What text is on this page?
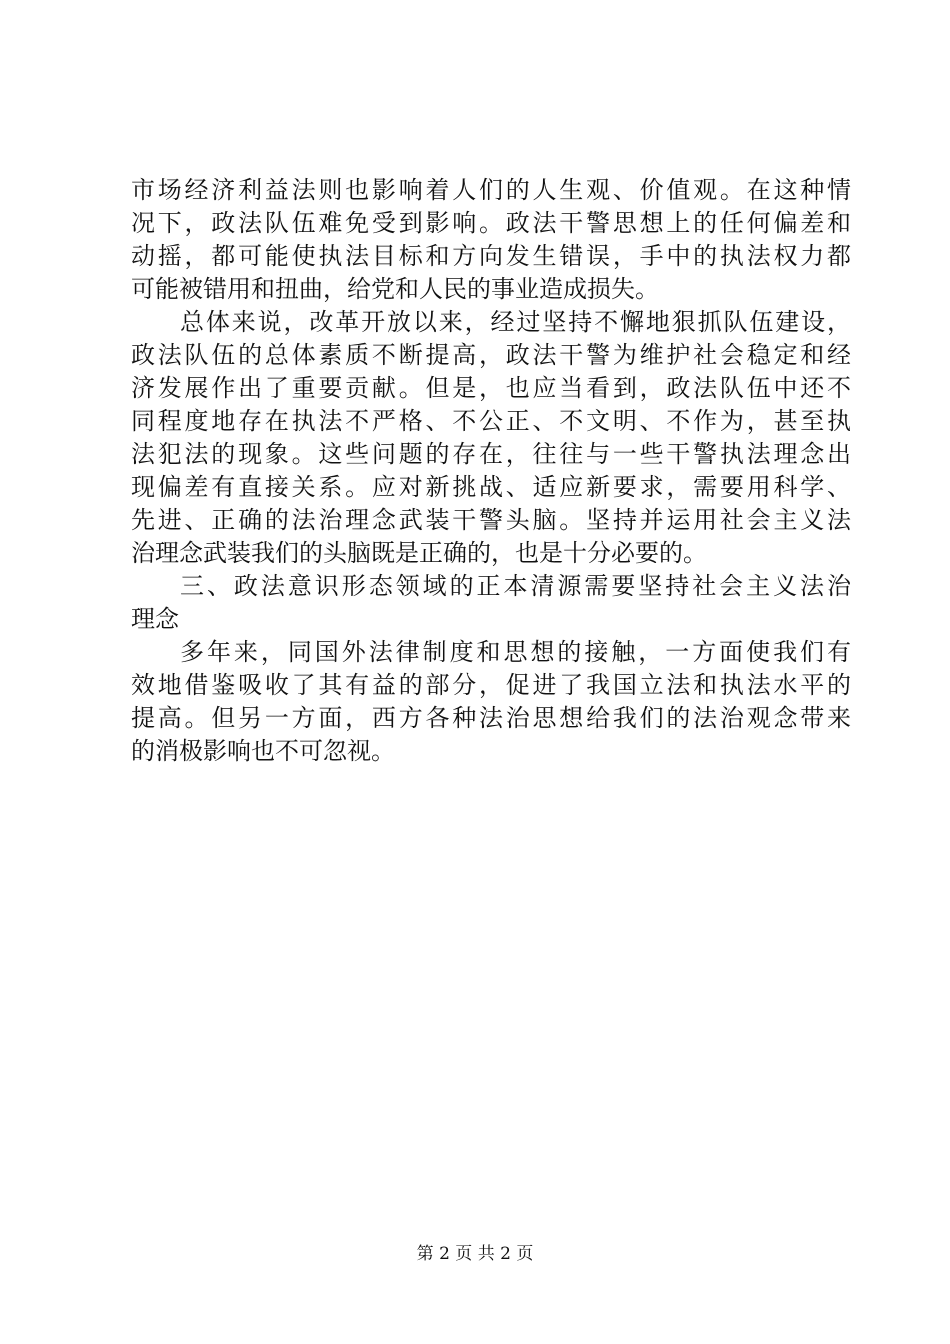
市场经济利益法则也影响着人们的人生观、价值观。在这种情
况下，政法队伍难免受到影响。政法干警思想上的任何偏差和
动摇，都可能使执法目标和方向发生错误，手中的执法权力都
可能被错用和扭曲，给党和人民的事业造成损失。
总体来说，改革开放以来，经过坚持不懈地狠抓队伍建设，
政法队伍的总体素质不断提高，政法干警为维护社会稳定和经
济发展作出了重要贡献。但是，也应当看到，政法队伍中还不
同程度地存在执法不严格、不公正、不文明、不作为，甚至执
法犯法的现象。这些问题的存在，往往与一些干警执法理念出
现偏差有直接关系。应对新挑战、适应新要求，需要用科学、
先进、正确的法治理念武装干警头脑。坚持并运用社会主义法
治理念武装我们的头脑既是正确的，也是十分必要的。
三、政法意识形态领域的正本清源需要坚持社会主义法治
理念
多年来，同国外法律制度和思想的接触，一方面使我们有
效地借鉴吸收了其有益的部分，促进了我国立法和执法水平的
提高。但另一方面，西方各种法治思想给我们的法治观念带来
的消极影响也不可忽视。
第 2 页 共 2 页
